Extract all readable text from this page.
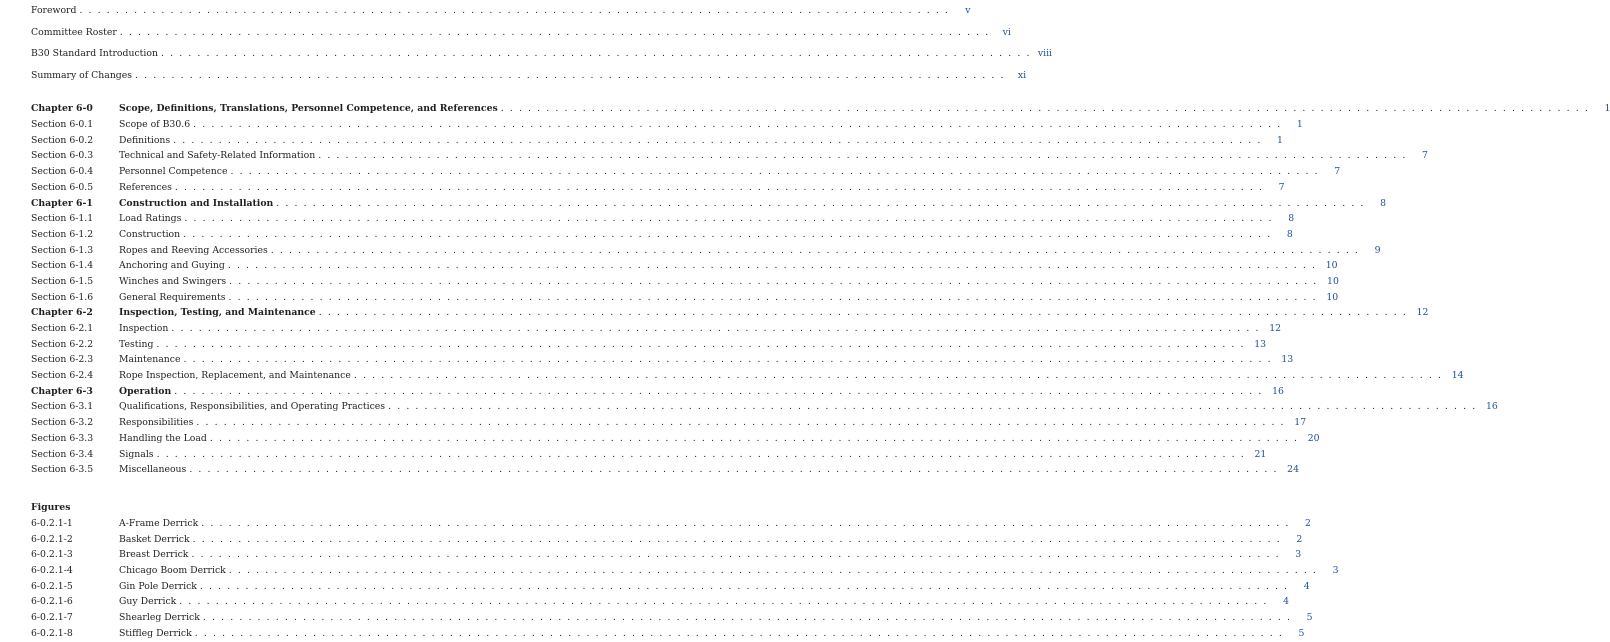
Foreword . . . . . . . . . . . . . . . . . . . . . . . . . . . . . . . . . . . . . . . . . . . . . . . . . . . . . . . . . . . . . . . . . . . . . . . . . . . . . . . . . . . . . . . . . . . . . . . .	v
Committee Roster . . . . . . . . . . . . . . . . . . . . . . . . . . . . . . . . . . . . . . . . . . . . . . . . . . . . . . . . . . . . . . . . . . . . . . . . . . . . . . . . . . . . . . . . . . . . . . . .	vi
B30 Standard Introduction . . . . . . . . . . . . . . . . . . . . . . . . . . . . . . . . . . . . . . . . . . . . . . . . . . . . . . . . . . . . . . . . . . . . . . . . . . . . . . . . . . . . . . . . . . . . . . . . viii
Summary of Changes . . . . . . . . . . . . . . . . . . . . . . . . . . . . . . . . . . . . . . . . . . . . . . . . . . . . . . . . . . . . . . . . . . . . . . . . . . . . . . . . . . . . . . . . . . . . . . . .	xi
Chapter 6-0	Scope, Definitions, Translations, Personnel Competence, and References . . . . . . . . . . . . . . . . . . . . . . . . . . . . . . . . . . . . . . . . . . . . . . . . . . . . . . . . . . . . . . . . . . . . . . . . . . . . . . . . . . . . . . . . . . . . . . . . . . . . . . . . . . . . . . . . . . . . . . . .	1
Section 6-0.1	Scope of B30.6 . . . . . . . . . . . . . . . . . . . . . . . . . . . . . . . . . . . . . . . . . . . . . . . . . . . . . . . . . . . . . . . . . . . . . . . . . . . . . . . . . . . . . . . . . . . . . . . . . . . . . . . . . . . . . . . . . . . . . . . .	1
Section 6-0.2	Definitions . . . . . . . . . . . . . . . . . . . . . . . . . . . . . . . . . . . . . . . . . . . . . . . . . . . . . . . . . . . . . . . . . . . . . . . . . . . . . . . . . . . . . . . . . . . . . . . . . . . . . . . . . . . . . . . . . . . . . . . .	1
Section 6-0.3	Technical and Safety-Related Information . . . . . . . . . . . . . . . . . . . . . . . . . . . . . . . . . . . . . . . . . . . . . . . . . . . . . . . . . . . . . . . . . . . . . . . . . . . . . . . . . . . . . . . . . . . . . . . . . . . . . . . . . . . . . . . . . . . . . . . .	7
Section 6-0.4	Personnel Competence . . . . . . . . . . . . . . . . . . . . . . . . . . . . . . . . . . . . . . . . . . . . . . . . . . . . . . . . . . . . . . . . . . . . . . . . . . . . . . . . . . . . . . . . . . . . . . . . . . . . . . . . . . . . . . . . . . . . . . . .	7
Section 6-0.5	References . . . . . . . . . . . . . . . . . . . . . . . . . . . . . . . . . . . . . . . . . . . . . . . . . . . . . . . . . . . . . . . . . . . . . . . . . . . . . . . . . . . . . . . . . . . . . . . . . . . . . . . . . . . . . . . . . . . . . . . .	7
Chapter 6-1	Construction and Installation . . . . . . . . . . . . . . . . . . . . . . . . . . . . . . . . . . . . . . . . . . . . . . . . . . . . . . . . . . . . . . . . . . . . . . . . . . . . . . . . . . . . . . . . . . . . . . . . . . . . . . . . . . . . . . . . . . . . . . . .	8
Section 6-1.1	Load Ratings . . . . . . . . . . . . . . . . . . . . . . . . . . . . . . . . . . . . . . . . . . . . . . . . . . . . . . . . . . . . . . . . . . . . . . . . . . . . . . . . . . . . . . . . . . . . . . . . . . . . . . . . . . . . . . . . . . . . . . . .	8
Section 6-1.2	Construction . . . . . . . . . . . . . . . . . . . . . . . . . . . . . . . . . . . . . . . . . . . . . . . . . . . . . . . . . . . . . . . . . . . . . . . . . . . . . . . . . . . . . . . . . . . . . . . . . . . . . . . . . . . . . . . . . . . . . . . .	8
Section 6-1.3	Ropes and Reeving Accessories . . . . . . . . . . . . . . . . . . . . . . . . . . . . . . . . . . . . . . . . . . . . . . . . . . . . . . . . . . . . . . . . . . . . . . . . . . . . . . . . . . . . . . . . . . . . . . . . . . . . . . . . . . . . . . . . . . . . . . . .	9
Section 6-1.4	Anchoring and Guying . . . . . . . . . . . . . . . . . . . . . . . . . . . . . . . . . . . . . . . . . . . . . . . . . . . . . . . . . . . . . . . . . . . . . . . . . . . . . . . . . . . . . . . . . . . . . . . . . . . . . . . . . . . . . . . . . . . . . . . . 10
Section 6-1.5	Winches and Swingers . . . . . . . . . . . . . . . . . . . . . . . . . . . . . . . . . . . . . . . . . . . . . . . . . . . . . . . . . . . . . . . . . . . . . . . . . . . . . . . . . . . . . . . . . . . . . . . . . . . . . . . . . . . . . . . . . . . . . . . . 10
Section 6-1.6	General Requirements . . . . . . . . . . . . . . . . . . . . . . . . . . . . . . . . . . . . . . . . . . . . . . . . . . . . . . . . . . . . . . . . . . . . . . . . . . . . . . . . . . . . . . . . . . . . . . . . . . . . . . . . . . . . . . . . . . . . . . . . 10
Chapter 6-2	Inspection, Testing, and Maintenance . . . . . . . . . . . . . . . . . . . . . . . . . . . . . . . . . . . . . . . . . . . . . . . . . . . . . . . . . . . . . . . . . . . . . . . . . . . . . . . . . . . . . . . . . . . . . . . . . . . . . . . . . . . . . . . . . . . . . . . . 12
Section 6-2.1	Inspection . . . . . . . . . . . . . . . . . . . . . . . . . . . . . . . . . . . . . . . . . . . . . . . . . . . . . . . . . . . . . . . . . . . . . . . . . . . . . . . . . . . . . . . . . . . . . . . . . . . . . . . . . . . . . . . . . . . . . . . . 12
Section 6-2.2	Testing . . . . . . . . . . . . . . . . . . . . . . . . . . . . . . . . . . . . . . . . . . . . . . . . . . . . . . . . . . . . . . . . . . . . . . . . . . . . . . . . . . . . . . . . . . . . . . . . . . . . . . . . . . . . . . . . . . . . . . . . 13
Section 6-2.3	Maintenance . . . . . . . . . . . . . . . . . . . . . . . . . . . . . . . . . . . . . . . . . . . . . . . . . . . . . . . . . . . . . . . . . . . . . . . . . . . . . . . . . . . . . . . . . . . . . . . . . . . . . . . . . . . . . . . . . . . . . . . . 13
Section 6-2.4	Rope Inspection, Replacement, and Maintenance . . . . . . . . . . . . . . . . . . . . . . . . . . . . . . . . . . . . . . . . . . . . . . . . . . . . . . . . . . . . . . . . . . . . . . . . . . . . . . . . . . . . . . . . . . . . . . . . . . . . . . . . . . . . . . . . . . . . . . . . 14
Chapter 6-3	Operation . . . . . . . . . . . . . . . . . . . . . . . . . . . . . . . . . . . . . . . . . . . . . . . . . . . . . . . . . . . . . . . . . . . . . . . . . . . . . . . . . . . . . . . . . . . . . . . . . . . . . . . . . . . . . . . . . . . . . . . . 16
Section 6-3.1	Qualifications, Responsibilities, and Operating Practices . . . . . . . . . . . . . . . . . . . . . . . . . . . . . . . . . . . . . . . . . . . . . . . . . . . . . . . . . . . . . . . . . . . . . . . . . . . . . . . . . . . . . . . . . . . . . . . . . . . . . . . . . . . . . . . . . . . . . . . . 16
Section 6-3.2	Responsibilities . . . . . . . . . . . . . . . . . . . . . . . . . . . . . . . . . . . . . . . . . . . . . . . . . . . . . . . . . . . . . . . . . . . . . . . . . . . . . . . . . . . . . . . . . . . . . . . . . . . . . . . . . . . . . . . . . . . . . . . . 17
Section 6-3.3	Handling the Load . . . . . . . . . . . . . . . . . . . . . . . . . . . . . . . . . . . . . . . . . . . . . . . . . . . . . . . . . . . . . . . . . . . . . . . . . . . . . . . . . . . . . . . . . . . . . . . . . . . . . . . . . . . . . . . . . . . . . . . . 20
Section 6-3.4	Signals . . . . . . . . . . . . . . . . . . . . . . . . . . . . . . . . . . . . . . . . . . . . . . . . . . . . . . . . . . . . . . . . . . . . . . . . . . . . . . . . . . . . . . . . . . . . . . . . . . . . . . . . . . . . . . . . . . . . . . . . 21
Section 6-3.5	Miscellaneous . . . . . . . . . . . . . . . . . . . . . . . . . . . . . . . . . . . . . . . . . . . . . . . . . . . . . . . . . . . . . . . . . . . . . . . . . . . . . . . . . . . . . . . . . . . . . . . . . . . . . . . . . . . . . . . . . . . . . . . . 24
Figures
6-0.2.1-1	A-Frame Derrick . . . . . . . . . . . . . . . . . . . . . . . . . . . . . . . . . . . . . . . . . . . . . . . . . . . . . . . . . . . . . . . . . . . . . . . . . . . . . . . . . . . . . . . . . . . . . . . . . . . . . . . . . . . . . . . . . . . . . . . .	2
6-0.2.1-2	Basket Derrick . . . . . . . . . . . . . . . . . . . . . . . . . . . . . . . . . . . . . . . . . . . . . . . . . . . . . . . . . . . . . . . . . . . . . . . . . . . . . . . . . . . . . . . . . . . . . . . . . . . . . . . . . . . . . . . . . . . . . . . .	2
6-0.2.1-3	Breast Derrick . . . . . . . . . . . . . . . . . . . . . . . . . . . . . . . . . . . . . . . . . . . . . . . . . . . . . . . . . . . . . . . . . . . . . . . . . . . . . . . . . . . . . . . . . . . . . . . . . . . . . . . . . . . . . . . . . . . . . . . .	3
6-0.2.1-4	Chicago Boom Derrick . . . . . . . . . . . . . . . . . . . . . . . . . . . . . . . . . . . . . . . . . . . . . . . . . . . . . . . . . . . . . . . . . . . . . . . . . . . . . . . . . . . . . . . . . . . . . . . . . . . . . . . . . . . . . . . . . . . . . . . .	3
6-0.2.1-5	Gin Pole Derrick . . . . . . . . . . . . . . . . . . . . . . . . . . . . . . . . . . . . . . . . . . . . . . . . . . . . . . . . . . . . . . . . . . . . . . . . . . . . . . . . . . . . . . . . . . . . . . . . . . . . . . . . . . . . . . . . . . . . . . . .	4
6-0.2.1-6	Guy Derrick . . . . . . . . . . . . . . . . . . . . . . . . . . . . . . . . . . . . . . . . . . . . . . . . . . . . . . . . . . . . . . . . . . . . . . . . . . . . . . . . . . . . . . . . . . . . . . . . . . . . . . . . . . . . . . . . . . . . . . . .	4
6-0.2.1-7	Shearleg Derrick . . . . . . . . . . . . . . . . . . . . . . . . . . . . . . . . . . . . . . . . . . . . . . . . . . . . . . . . . . . . . . . . . . . . . . . . . . . . . . . . . . . . . . . . . . . . . . . . . . . . . . . . . . . . . . . . . . . . . . . .	5
6-0.2.1-8	Stiffleg Derrick . . . . . . . . . . . . . . . . . . . . . . . . . . . . . . . . . . . . . . . . . . . . . . . . . . . . . . . . . . . . . . . . . . . . . . . . . . . . . . . . . . . . . . . . . . . . . . . . . . . . . . . . . . . . . . . . . . . . . . . .	5
